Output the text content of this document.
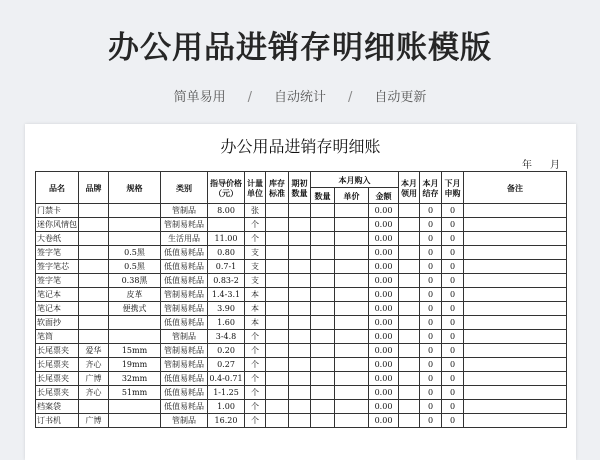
办公用品进销存明细账模版
简单易用 / 自动统计 / 自动更新
办公用品进销存明细账
年 月
品名	品牌	规格	类别	指导价格（元）	计量单位	库存标准	期初数量	本月购入			本月领用	本月结存	下月申购	备注
								数量	单价	金额				
门禁卡			管制品	8.00	张					0.00		0	0	
迷你风情包			管制易耗品		个					0.00		0	0	
大卷纸			生活用品	11.00	个					0.00		0	0	
签字笔		0.5黑	低值易耗品	0.80	支					0.00		0	0	
签字笔芯		0.5黑	低值易耗品	0.7-1	支					0.00		0	0	
签字笔		0.38黑	低值易耗品	0.83-2	支					0.00		0	0	
笔记本		皮革	管制易耗品	1.4-3.1	本					0.00		0	0	
笔记本		便携式	管制易耗品	3.90	本					0.00		0	0	
软面抄			低值易耗品	1.60	本					0.00		0	0	
笔筒			管制品	3-4.8	个					0.00		0	0	
长尾票夹	爱华	15mm	管制易耗品	0.20	个					0.00		0	0	
长尾票夹	齐心	19mm	管制易耗品	0.27	个					0.00		0	0	
长尾票夹	广博	32mm	低值易耗品	0.4-0.71	个					0.00		0	0	
长尾票夹	齐心	51mm	低值易耗品	1-1.25	个					0.00		0	0	
档案袋			低值易耗品	1.00	个					0.00		0	0	
订书机	广博		管制品	16.20	个					0.00		0	0	
